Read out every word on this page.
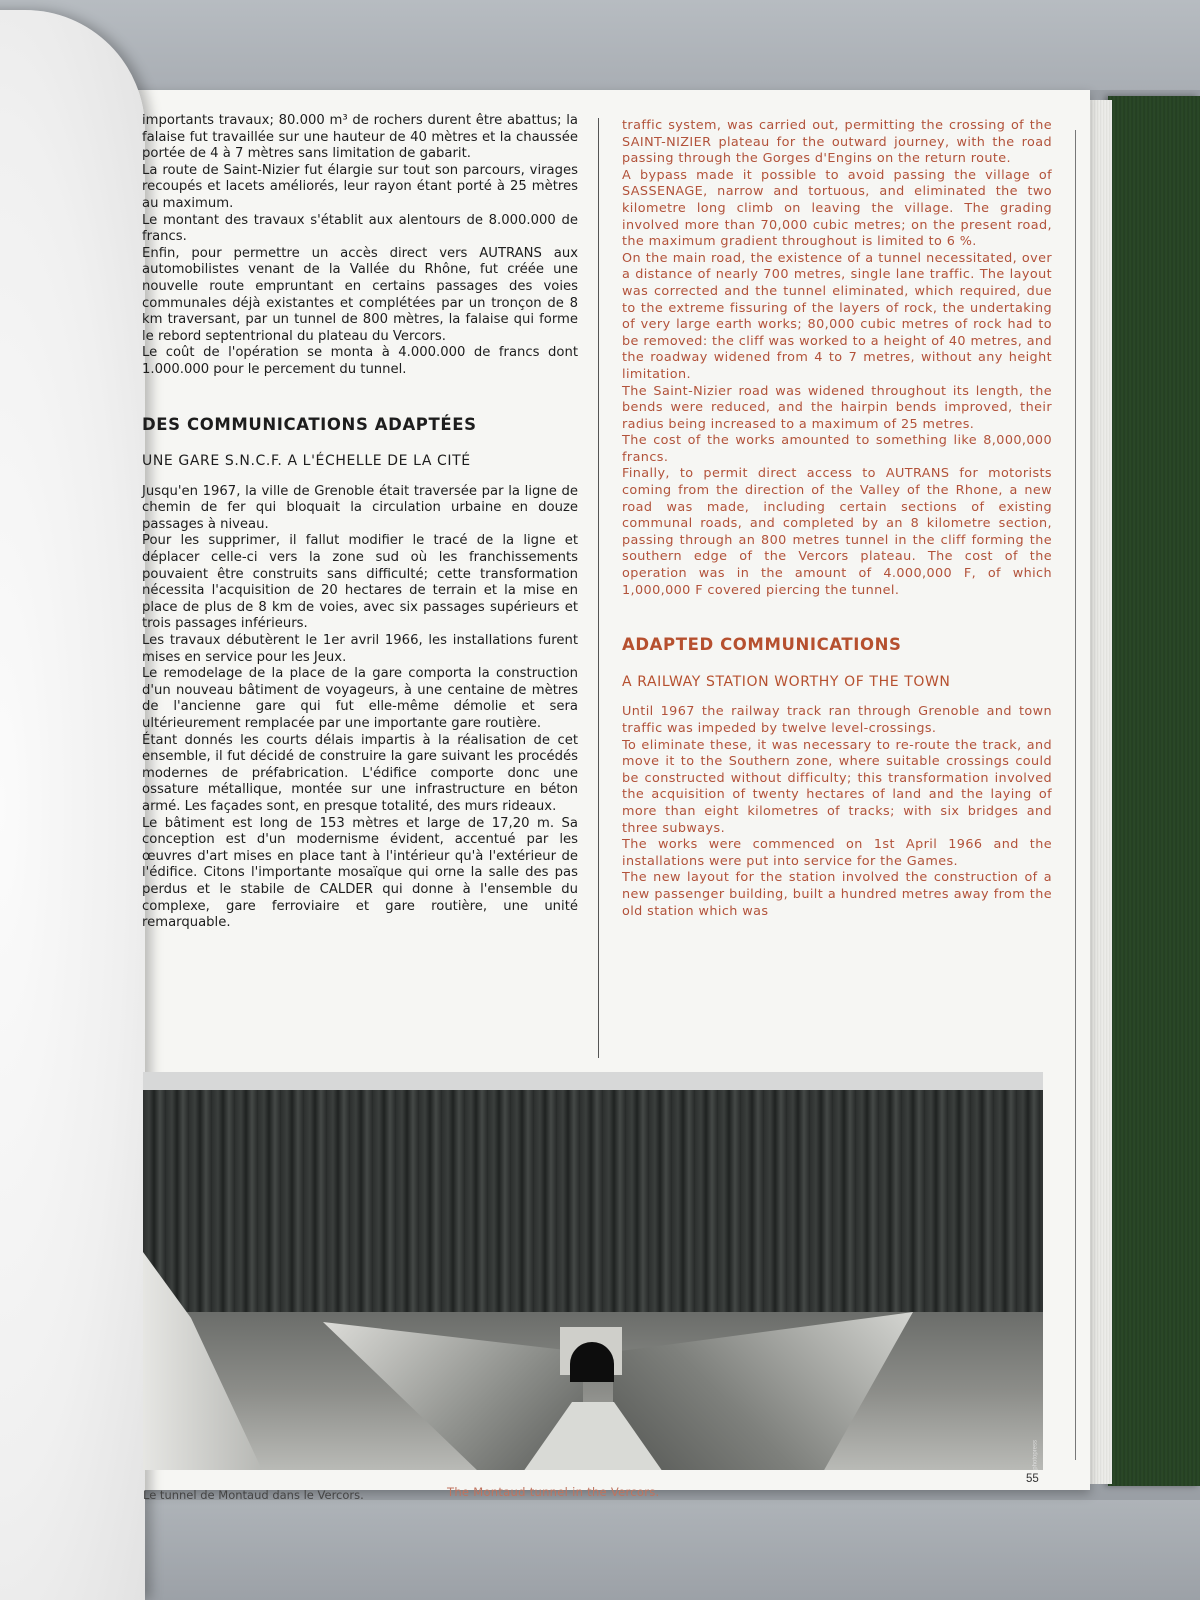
importants travaux; 80.000 m³ de rochers durent être abattus; la falaise fut travaillée sur une hauteur de 40 mètres et la chaussée portée de 4 à 7 mètres sans limitation de gabarit.

La route de Saint-Nizier fut élargie sur tout son parcours, virages recoupés et lacets améliorés, leur rayon étant porté à 25 mètres au maximum.

Le montant des travaux s'établit aux alentours de 8.000.000 de francs.

Enfin, pour permettre un accès direct vers AUTRANS aux automobilistes venant de la Vallée du Rhône, fut créée une nouvelle route empruntant en certains passages des voies communales déjà existantes et complétées par un tronçon de 8 km traversant, par un tunnel de 800 mètres, la falaise qui forme le rebord septentrional du plateau du Vercors.

Le coût de l'opération se monta à 4.000.000 de francs dont 1.000.000 pour le percement du tunnel.

DES COMMUNICATIONS ADAPTÉES

UNE GARE S.N.C.F. A L'ÉCHELLE DE LA CITÉ

Jusqu'en 1967, la ville de Grenoble était traversée par la ligne de chemin de fer qui bloquait la circulation urbaine en douze passages à niveau.

Pour les supprimer, il fallut modifier le tracé de la ligne et déplacer celle-ci vers la zone sud où les franchissements pouvaient être construits sans difficulté; cette transformation nécessita l'acquisition de 20 hectares de terrain et la mise en place de plus de 8 km de voies, avec six passages supérieurs et trois passages inférieurs.

Les travaux débutèrent le 1er avril 1966, les installations furent mises en service pour les Jeux.

Le remodelage de la place de la gare comporta la construction d'un nouveau bâtiment de voyageurs, à une centaine de mètres de l'ancienne gare qui fut elle-même démolie et sera ultérieurement remplacée par une importante gare routière.

Étant donnés les courts délais impartis à la réalisation de cet ensemble, il fut décidé de construire la gare suivant les procédés modernes de préfabrication. L'édifice comporte donc une ossature métallique, montée sur une infrastructure en béton armé. Les façades sont, en presque totalité, des murs rideaux.

Le bâtiment est long de 153 mètres et large de 17,20 m. Sa conception est d'un modernisme évident, accentué par les œuvres d'art mises en place tant à l'intérieur qu'à l'extérieur de l'édifice. Citons l'importante mosaïque qui orne la salle des pas perdus et le stabile de CALDER qui donne à l'ensemble du complexe, gare ferroviaire et gare routière, une unité remarquable.

traffic system, was carried out, permitting the crossing of the SAINT-NIZIER plateau for the outward journey, with the road passing through the Gorges d'Engins on the return route.

A bypass made it possible to avoid passing the village of SASSENAGE, narrow and tortuous, and eliminated the two kilometre long climb on leaving the village. The grading involved more than 70,000 cubic metres; on the present road, the maximum gradient throughout is limited to 6 %.

On the main road, the existence of a tunnel necessitated, over a distance of nearly 700 metres, single lane traffic. The layout was corrected and the tunnel eliminated, which required, due to the extreme fissuring of the layers of rock, the undertaking of very large earth works; 80,000 cubic metres of rock had to be removed: the cliff was worked to a height of 40 metres, and the roadway widened from 4 to 7 metres, without any height limitation.

The Saint-Nizier road was widened throughout its length, the bends were reduced, and the hairpin bends improved, their radius being increased to a maximum of 25 metres.

The cost of the works amounted to something like 8,000,000 francs.

Finally, to permit direct access to AUTRANS for motorists coming from the direction of the Valley of the Rhone, a new road was made, including certain sections of existing communal roads, and completed by an 8 kilometre section, passing through an 800 metres tunnel in the cliff forming the southern edge of the Vercors plateau. The cost of the operation was in the amount of 4.000,000 F, of which 1,000,000 F covered piercing the tunnel.

ADAPTED COMMUNICATIONS

A RAILWAY STATION WORTHY OF THE TOWN

Until 1967 the railway track ran through Grenoble and town traffic was impeded by twelve level-crossings.

To eliminate these, it was necessary to re-route the track, and move it to the Southern zone, where suitable crossings could be constructed without difficulty; this transformation involved the acquisition of twenty hectares of land and the laying of more than eight kilometres of tracks; with six bridges and three subways.

The works were commenced on 1st April 1966 and the installations were put into service for the Games.

The new layout for the station involved the construction of a new passenger building, built a hundred metres away from the old station which was

photopress
Le tunnel de Montaud dans le Vercors.	The Montaud tunnel in the Vercors.
55
